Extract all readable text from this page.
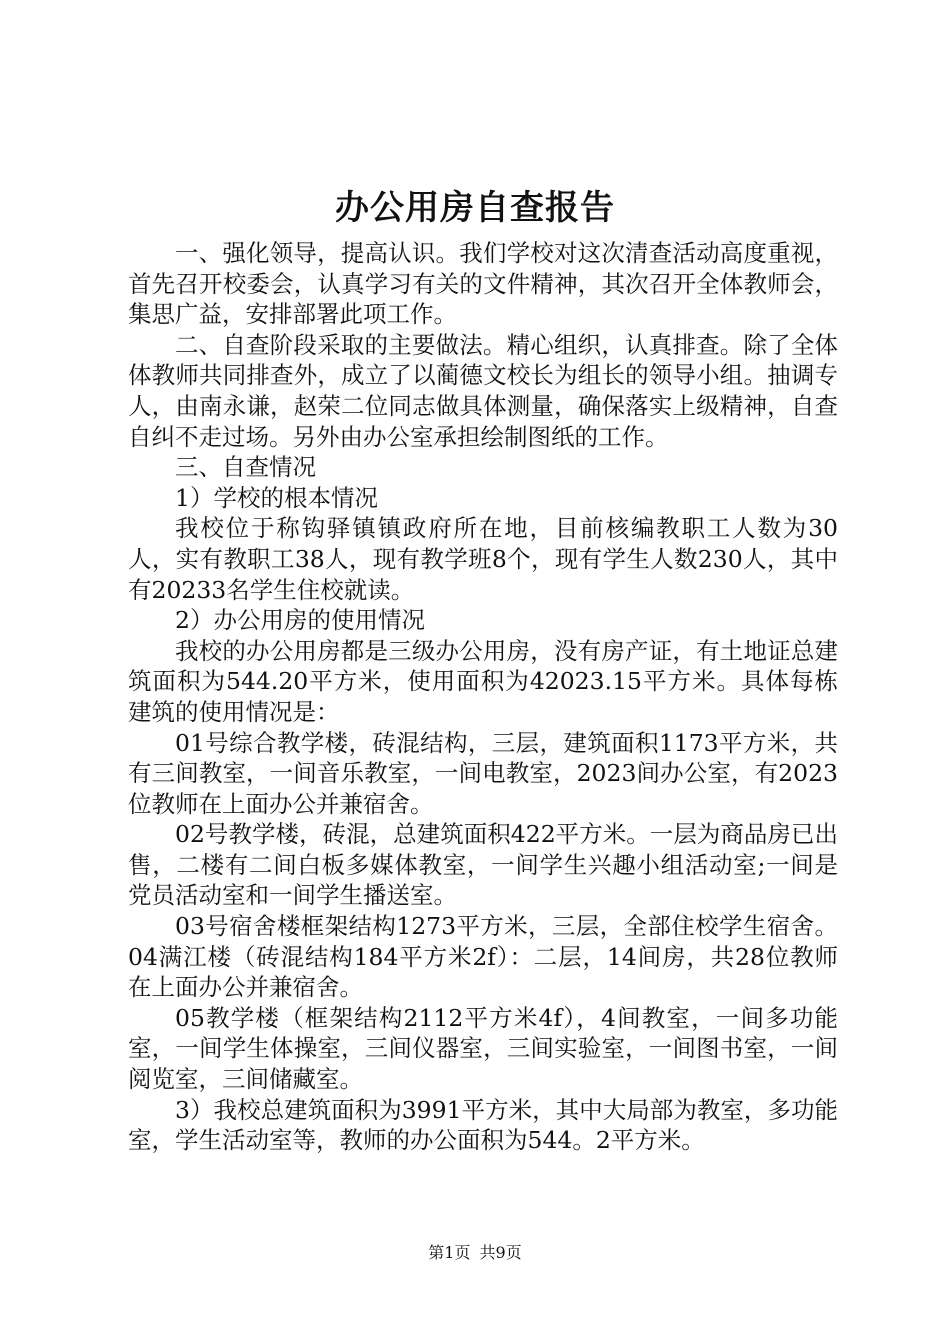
办公用房自查报告

一、强化领导，提高认识。我们学校对这次清查活动高度重视，首先召开校委会，认真学习有关的文件精神，其次召开全体教师会，集思广益，安排部署此项工作。

二、自查阶段采取的主要做法。精心组织，认真排查。除了全体体教师共同排查外，成立了以蔺德文校长为组长的领导小组。抽调专人，由南永谦，赵荣二位同志做具体测量，确保落实上级精神，自查自纠不走过场。另外由办公室承担绘制图纸的工作。

三、自查情况

1）学校的根本情况

我校位于称钩驿镇镇政府所在地，目前核编教职工人数为30人，实有教职工38人，现有教学班8个，现有学生人数230人，其中有20233名学生住校就读。

2）办公用房的使用情况

我校的办公用房都是三级办公用房，没有房产证，有土地证总建筑面积为544.20平方米，使用面积为42023.15平方米。具体每栋建筑的使用情况是：

01号综合教学楼，砖混结构，三层，建筑面积1173平方米，共有三间教室，一间音乐教室，一间电教室，2023间办公室，有2023位教师在上面办公并兼宿舍。

02号教学楼，砖混，总建筑面积422平方米。一层为商品房已出售，二楼有二间白板多媒体教室，一间学生兴趣小组活动室;一间是党员活动室和一间学生播送室。

03号宿舍楼框架结构1273平方米，三层，全部住校学生宿舍。04满江楼（砖混结构184平方米2f）：二层，14间房，共28位教师在上面办公并兼宿舍。

05教学楼（框架结构2112平方米4f），4间教室，一间多功能室，一间学生体操室，三间仪器室，三间实验室，一间图书室，一间阅览室，三间储藏室。

3）我校总建筑面积为3991平方米，其中大局部为教室，多功能室，学生活动室等，教师的办公面积为544。2平方米。

第1页 共9页
